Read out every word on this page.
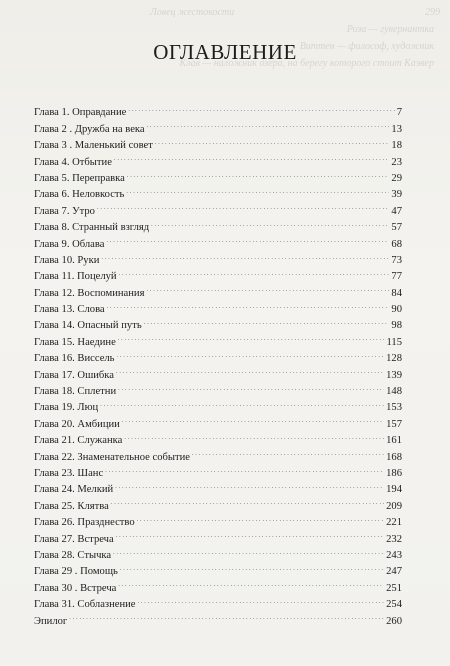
Ловец жестокости	299
Роза — гувернантка
Виттен — философ, художник
Клав — наложник озера, на берегу которого стоит Каэвер
ОГЛАВЛЕНИЕ
Глава 1. Оправдание . . .	7
Глава 2 . Дружба на века . . .	13
Глава 3 . Маленький совет . . .	18
Глава 4. Отбытие . . .	23
Глава 5. Переправка . . .	29
Глава 6. Неловкость . . .	39
Глава 7. Утро . . .	47
Глава 8. Странный взгляд . . .	57
Глава 9. Облава . . .	68
Глава 10. Руки . . .	73
Глава 11. Поцелуй . . .	77
Глава 12. Воспоминания . . .	84
Глава 13. Слова . . .	90
Глава 14. Опасный путь . . .	98
Глава 15. Наедине . . .	115
Глава 16. Виссель . . .	128
Глава 17. Ошибка . . .	139
Глава 18. Сплетни . . .	148
Глава 19. Люц . . .	153
Глава 20. Амбиции . . .	157
Глава 21. Служанка . . .	161
Глава 22. Знаменательное событие . . .	168
Глава 23. Шанс . . .	186
Глава 24. Мелкий . . .	194
Глава 25. Клятва . . .	209
Глава 26. Празднество . . .	221
Глава 27. Встреча . . .	232
Глава 28. Стычка . . .	243
Глава 29 . Помощь . . .	247
Глава 30 . Встреча . . .	251
Глава 31. Соблазнение . . .	254
Эпилог . . .	260
